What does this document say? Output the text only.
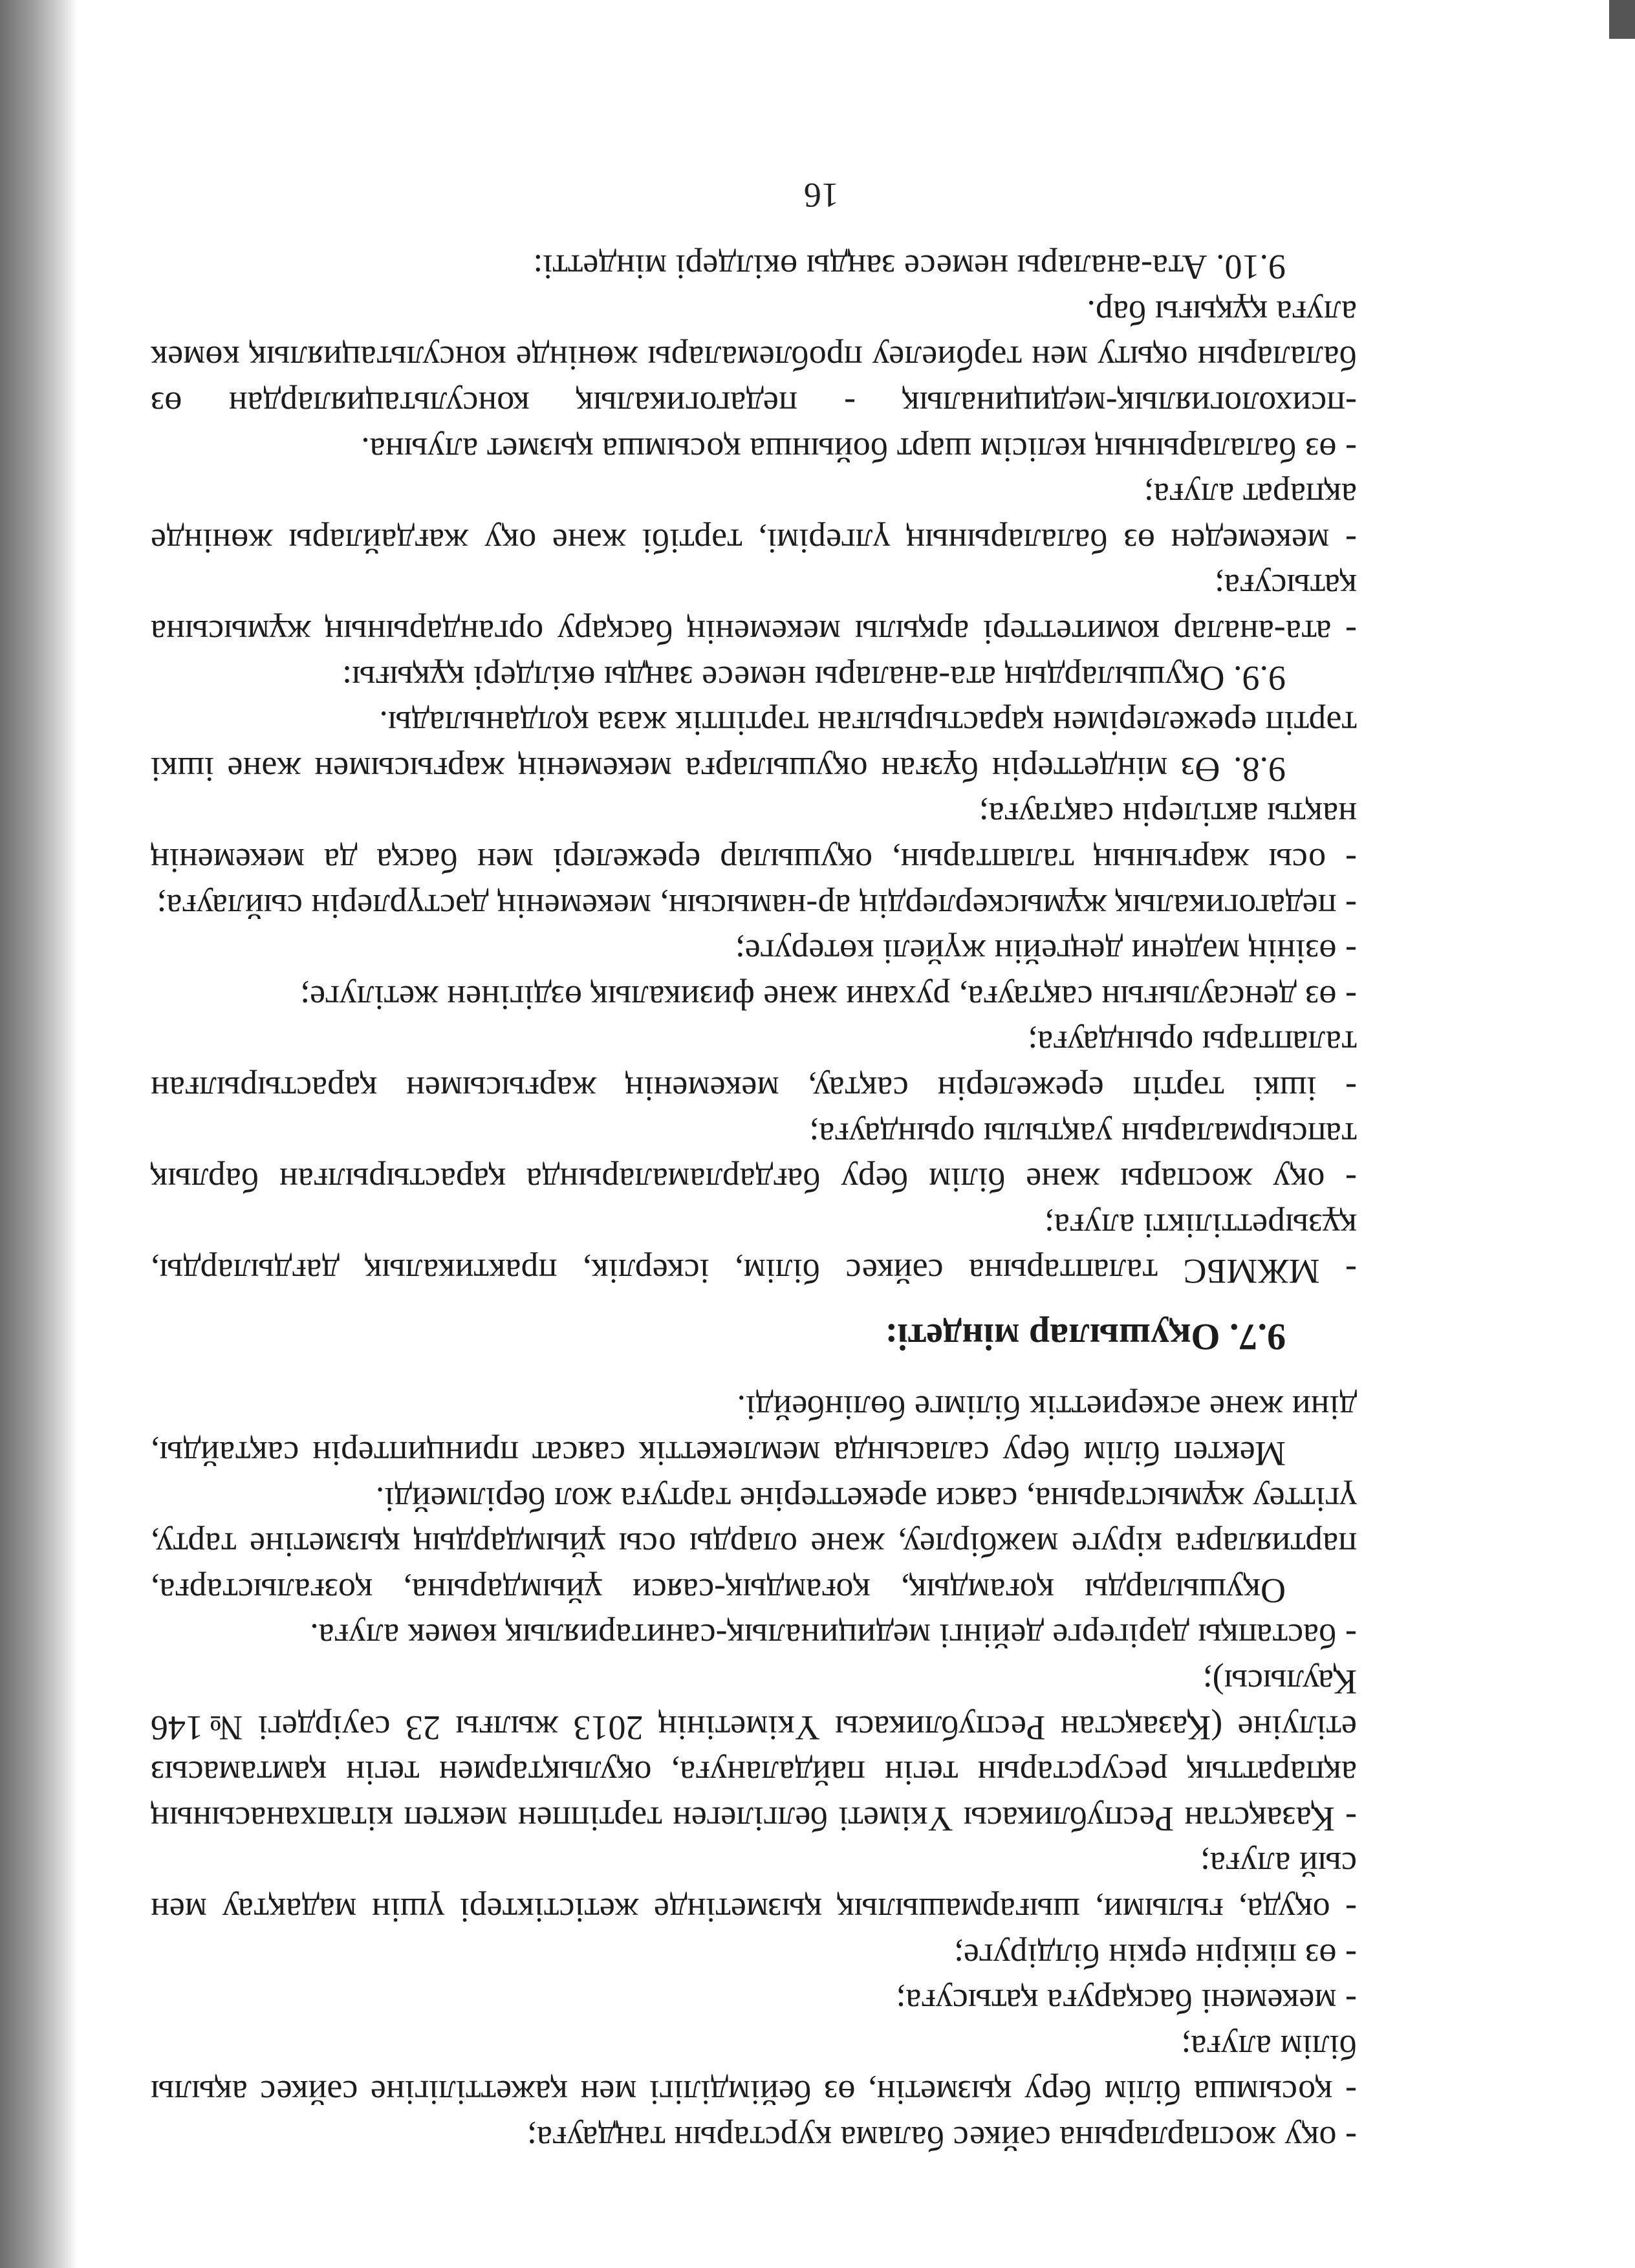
- оқу жоспарларына сәйкес балама курстарын таңдауға;

- қосымша білім беру қызметін, өз бейімділігі мен қажеттілігіне сәйкес ақылы білім алуға;

- мекемені басқаруға қатысуға;

- өз пікірін еркін білдіруге;

- оқуда, ғылыми, шығармашылық қызметінде жетістіктері үшін мадақтау мен сый алуға;

- Қазақстан Республикасы Үкіметі белгілеген тәртіппен мектеп кітапханасының ақпараттық ресурстарын тегін пайдалануға, оқулықтармен тегін қамтамасыз етілуіне (Қазақстан Республикасы Үкіметінің 2013 жылғы 23 сәуірдегі №146 Қаулысы);

- бастапқы дәрігерге дейінгі медициналық-санитариялық көмек алуға.

Оқушыларды қоғамдық, қоғамдық-саяси ұйымдарына, қозғалыстарға, партияларға кіруге мәжбірлеу, және оларды осы ұйымдардың қызметіне тарту, үгіттеу жұмыстарына, саяси әрекеттеріне тартуға жол берілмейді.

Мектеп білім беру саласында мемлекеттік саясат принциптерін сақтайды, діни және әскериеттік білімге бөлінбейді.

9.7. Оқушылар міндеті:

- МЖМБС талаптарына сәйкес білім, іскерлік, практикалық дағдыларды, құзыреттілікті алуға;

- оқу жоспары және білім беру бағдарламаларында қарастырылған барлық тапсырмаларын уақтылы орындауға;

- ішкі тәртіп ережелерін сақтау, мекеменің жарғысымен қарастырылған талаптары орындауға;

- өз денсаулығын сақтауға, рухани және физикалық өздігінен жетілуге;

- өзінің мәдени деңгейін жүйелі көтеруге;

- педагогикалық жұмыскерлердің ар-намысын, мекеменің дәстүрлерін сыйлауға;

- осы жарғының талаптарын, оқушылар ережелері мен басқа да мекеменің нақты актілерін сақтауға;

9.8. Өз міндеттерін бұзған оқушыларға мекеменің жарғысымен және ішкі тәртіп ережелерімен қарастырылған тәртіптік жаза қолданылады.

9.9. Оқушылардың ата-аналары немесе заңды өкілдері құқығы:

- ата-аналар комитеттері арқылы мекеменің басқару органдарының жұмысына қатысуға;

- мекемеден өз балаларының үлгерімі, тәртібі және оқу жағдайлары жөнінде ақпарат алуға;

- өз балаларының келісім шарт бойынша қосымша қызмет алуына.

-психологиялық-медициналық - педагогикалық консультациялардан өз балаларын оқыту мен тәрбиелеу проблемалары жөнінде консультациялық көмек алуға құқығы бар.

9.10. Ата-аналары немесе заңды өкілдері міндетті:

16
